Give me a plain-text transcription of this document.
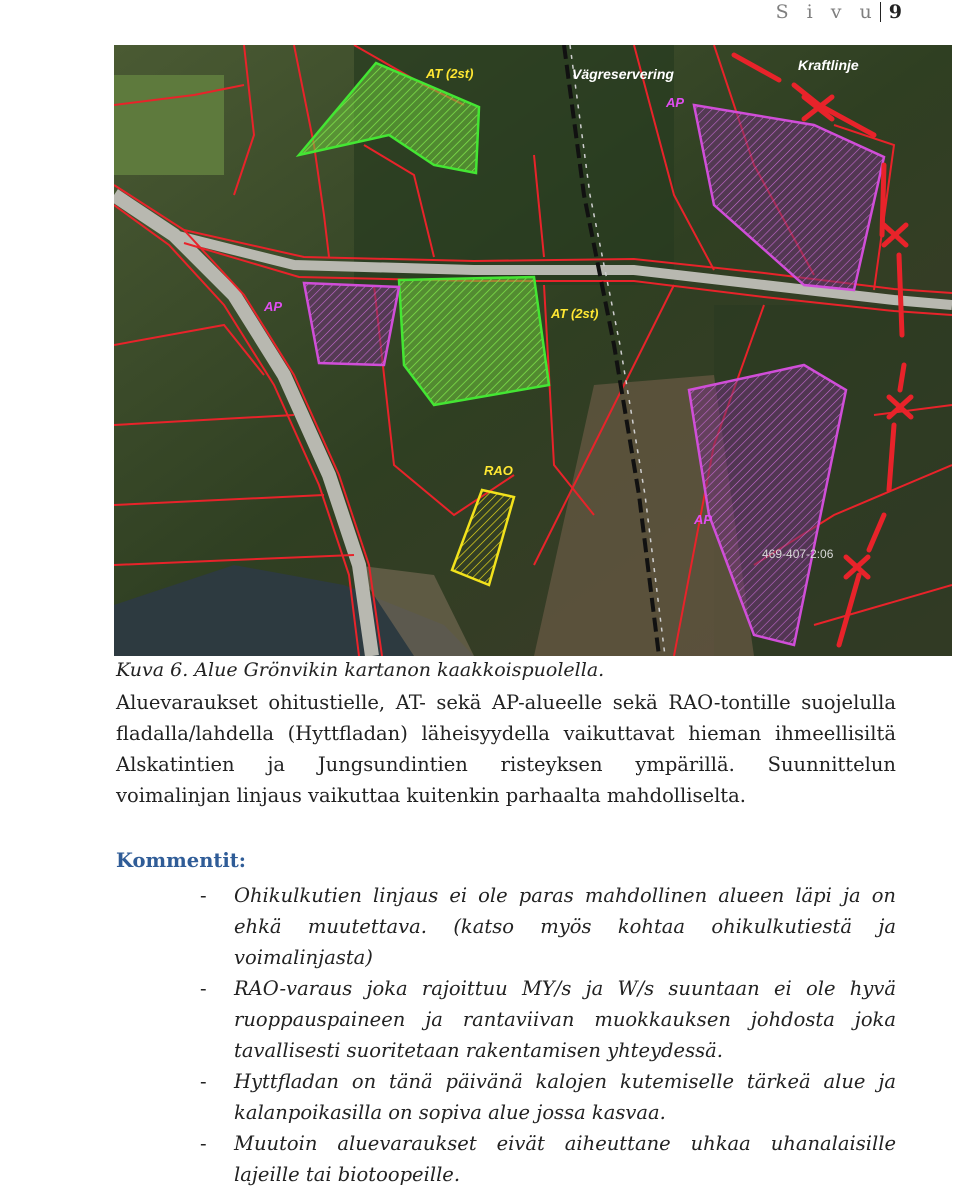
S i v u 9
AT (2st)	Vägreservering
Kraftlinje
AP
AP	AT (2st)
RAO
AP
469-407-2:06
Kuva 6. Alue Grönvikin kartanon kaakkoispuolella.
Aluevaraukset ohitustielle, AT- sekä AP-alueelle sekä RAO-tontille suojelulla
fladalla/lahdella (Hyttfladan) läheisyydella vaikuttavat hieman ihmeellisiltä
Alskatintien ja Jungsundintien risteyksen ympärillä. Suunnittelun
voimalinjan linjaus vaikuttaa kuitenkin parhaalta mahdolliselta.
Kommentit:
- Ohikulkutien linjaus ei ole paras mahdollinen alueen läpi ja on
ehkä muutettava. (katso myös kohtaa ohikulkutiestä ja
voimalinjasta)
- RAO-varaus joka rajoittuu MY/s ja W/s suuntaan ei ole hyvä
ruoppauspaineen ja rantaviivan muokkauksen johdosta joka
tavallisesti suoritetaan rakentamisen yhteydessä.
- Hyttfladan on tänä päivänä kalojen kutemiselle tärkeä alue ja
kalanpoikasilla on sopiva alue jossa kasvaa.
- Muutoin aluevaraukset eivät aiheuttane uhkaa uhanalaisille
lajeille tai biotoopeille.
